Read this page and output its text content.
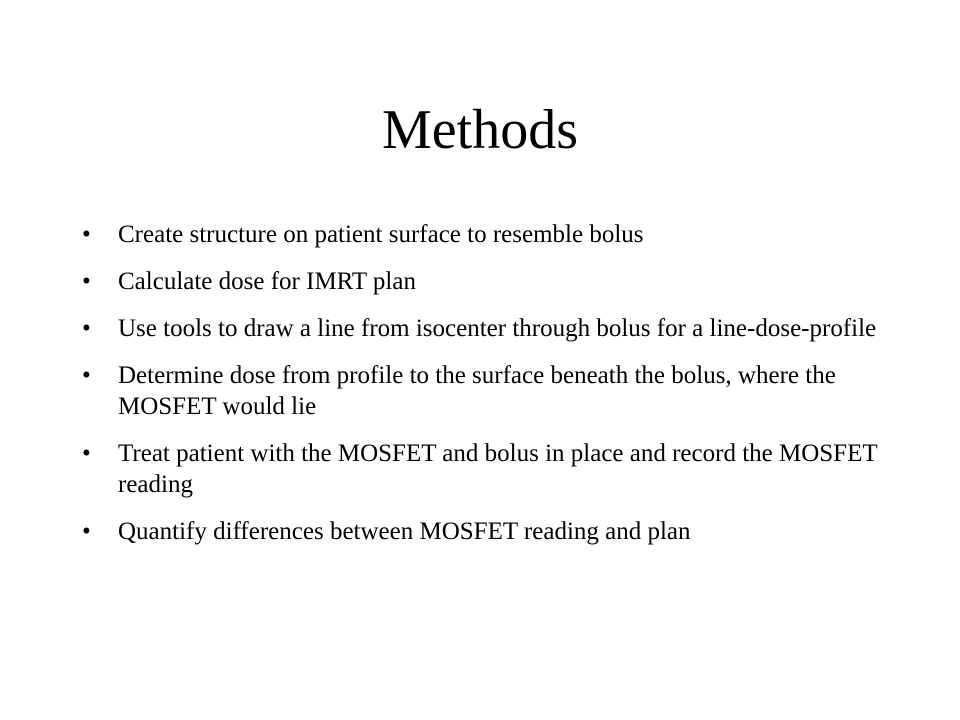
Methods
• Create structure on patient surface to resemble bolus
• Calculate dose for IMRT plan
• Use tools to draw a line from isocenter through bolus for a line-dose-profile
• Determine dose from profile to the surface beneath the bolus, where the MOSFET would lie
• Treat patient with the MOSFET and bolus in place and record the MOSFET reading
• Quantify differences between MOSFET reading and plan
